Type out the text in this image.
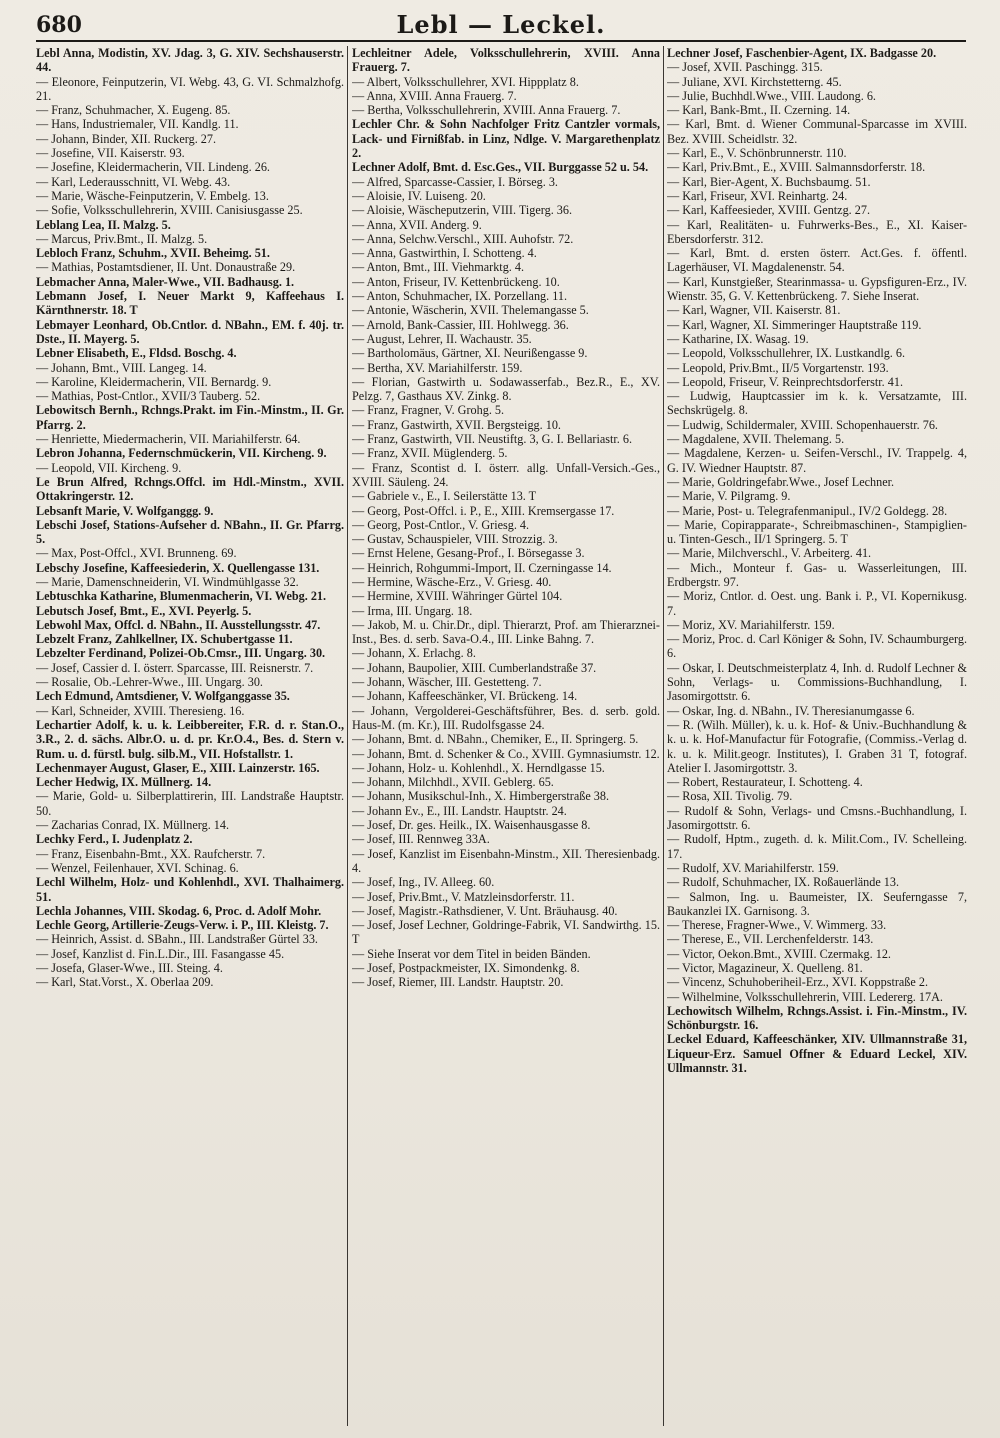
680	Lebl — Leckel.

Lebl Anna, Modistin, XV. Jdag. 3, G. XIV. Sechshauserstr. 44.

— Eleonore, Feinputzerin, VI. Webg. 43, G. VI. Schmalzhofg. 21.

— Franz, Schuhmacher, X. Eugeng. 85.

— Hans, Industriemaler, VII. Kandlg. 11.

— Johann, Binder, XII. Ruckerg. 27.

— Josefine, VII. Kaiserstr. 93.

— Josefine, Kleidermacherin, VII. Lindeng. 26.

— Karl, Lederausschnitt, VI. Webg. 43.

— Marie, Wäsche-Feinputzerin, V. Embelg. 13.

— Sofie, Volksschullehrerin, XVIII. Canisiusgasse 25.

Leblang Lea, II. Malzg. 5.

— Marcus, Priv.Bmt., II. Malzg. 5.

Lebloch Franz, Schuhm., XVII. Beheimg. 51.

— Mathias, Postamtsdiener, II. Unt. Donaustraße 29.

Lebmacher Anna, Maler-Wwe., VII. Badhausg. 1.

Lebmann Josef, I. Neuer Markt 9, Kaffeehaus I. Kärnthnerstr. 18. T

Lebmayer Leonhard, Ob.Cntlor. d. NBahn., EM. f. 40j. tr. Dste., II. Mayerg. 5.

Lebner Elisabeth, E., Fldsd. Boschg. 4.

— Johann, Bmt., VIII. Langeg. 14.

— Karoline, Kleidermacherin, VII. Bernardg. 9.

— Mathias, Post-Cntlor., XVII/3 Tauberg. 52.

Lebowitsch Bernh., Rchngs.Prakt. im Fin.-Minstm., II. Gr. Pfarrg. 2.

— Henriette, Miedermacherin, VII. Mariahilferstr. 64.

Lebron Johanna, Federnschmückerin, VII. Kircheng. 9.

— Leopold, VII. Kircheng. 9.

Le Brun Alfred, Rchngs.Offcl. im Hdl.-Minstm., XVII. Ottakringerstr. 12.

Lebsanft Marie, V. Wolfganggg. 9.

Lebschi Josef, Stations-Aufseher d. NBahn., II. Gr. Pfarrg. 5.

— Max, Post-Offcl., XVI. Brunneng. 69.

Lebschy Josefine, Kaffeesiederin, X. Quellengasse 131.

— Marie, Damenschneiderin, VI. Windmühlgasse 32.

Lebtuschka Katharine, Blumenmacherin, VI. Webg. 21.

Lebutsch Josef, Bmt., E., XVI. Peyerlg. 5.

Lebwohl Max, Offcl. d. NBahn., II. Ausstellungsstr. 47.

Lebzelt Franz, Zahlkellner, IX. Schubertgasse 11.

Lebzelter Ferdinand, Polizei-Ob.Cmsr., III. Ungarg. 30.

— Josef, Cassier d. I. österr. Sparcasse, III. Reisnerstr. 7.

— Rosalie, Ob.-Lehrer-Wwe., III. Ungarg. 30.

Lech Edmund, Amtsdiener, V. Wolfganggasse 35.

— Karl, Schneider, XVIII. Theresieng. 16.

Lechartier Adolf, k. u. k. Leibbereiter, F.R. d. r. Stan.O., 3.R., 2. d. sächs. Albr.O. u. d. pr. Kr.O.4., Bes. d. Stern v. Rum. u. d. fürstl. bulg. silb.M., VII. Hofstallstr. 1.

Lechenmayer August, Glaser, E., XIII. Lainzerstr. 165.

Lecher Hedwig, IX. Müllnerg. 14.

— Marie, Gold- u. Silberplattirerin, III. Landstraße Hauptstr. 50.

— Zacharias Conrad, IX. Müllnerg. 14.

Lechky Ferd., I. Judenplatz 2.

— Franz, Eisenbahn-Bmt., XX. Raufcherstr. 7.

— Wenzel, Feilenhauer, XVI. Schinag. 6.

Lechl Wilhelm, Holz- und Kohlenhdl., XVI. Thalhaimerg. 51.

Lechla Johannes, VIII. Skodag. 6, Proc. d. Adolf Mohr.

Lechle Georg, Artillerie-Zeugs-Verw. i. P., III. Kleistg. 7.

— Heinrich, Assist. d. SBahn., III. Landstraßer Gürtel 33.

— Josef, Kanzlist d. Fin.L.Dir., III. Fasangasse 45.

— Josefa, Glaser-Wwe., III. Steing. 4.

— Karl, Stat.Vorst., X. Oberlaa 209.

Lechleitner Adele, Volksschullehrerin, XVIII. Anna Frauerg. 7.

— Albert, Volksschullehrer, XVI. Hippplatz 8.

— Anna, XVIII. Anna Frauerg. 7.

— Bertha, Volksschullehrerin, XVIII. Anna Frauerg. 7.

Lechler Chr. & Sohn Nachfolger Fritz Cantzler vormals, Lack- und Firnißfab. in Linz, Ndlge. V. Margarethenplatz 2.

Lechner Adolf, Bmt. d. Esc.Ges., VII. Burggasse 52 u. 54.

— Alfred, Sparcasse-Cassier, I. Börseg. 3.

— Aloisie, IV. Luiseng. 20.

— Aloisie, Wäscheputzerin, VIII. Tigerg. 36.

— Anna, XVII. Anderg. 9.

— Anna, Selchw.Verschl., XIII. Auhofstr. 72.

— Anna, Gastwirthin, I. Schotteng. 4.

— Anton, Bmt., III. Viehmarktg. 4.

— Anton, Friseur, IV. Kettenbrückeng. 10.

— Anton, Schuhmacher, IX. Porzellang. 11.

— Antonie, Wäscherin, XVII. Thelemangasse 5.

— Arnold, Bank-Cassier, III. Hohlwegg. 36.

— August, Lehrer, II. Wachaustr. 35.

— Bartholomäus, Gärtner, XI. Neurißengasse 9.

— Bertha, XV. Mariahilferstr. 159.

— Florian, Gastwirth u. Sodawasserfab., Bez.R., E., XV. Pelzg. 7, Gasthaus XV. Zinkg. 8.

— Franz, Fragner, V. Grohg. 5.

— Franz, Gastwirth, XVII. Bergsteigg. 10.

— Franz, Gastwirth, VII. Neustiftg. 3, G. I. Bellariastr. 6.

— Franz, XVII. Müglenderg. 5.

— Franz, Scontist d. I. österr. allg. Unfall-Versich.-Ges., XVIII. Säuleng. 24.

— Gabriele v., E., I. Seilerstätte 13. T

— Georg, Post-Offcl. i. P., E., XIII. Kremsergasse 17.

— Georg, Post-Cntlor., V. Griesg. 4.

— Gustav, Schauspieler, VIII. Strozzig. 3.

— Ernst Helene, Gesang-Prof., I. Börsegasse 3.

— Heinrich, Rohgummi-Import, II. Czerningasse 14.

— Hermine, Wäsche-Erz., V. Griesg. 40.

— Hermine, XVIII. Währinger Gürtel 104.

— Irma, III. Ungarg. 18.

— Jakob, M. u. Chir.Dr., dipl. Thierarzt, Prof. am Thierarznei-Inst., Bes. d. serb. Sava-O.4., III. Linke Bahng. 7.

— Johann, X. Erlachg. 8.

— Johann, Baupolier, XIII. Cumberlandstraße 37.

— Johann, Wäscher, III. Gestetteng. 7.

— Johann, Kaffeeschänker, VI. Brückeng. 14.

— Johann, Vergolderei-Geschäftsführer, Bes. d. serb. gold. Haus-M. (m. Kr.), III. Rudolfsgasse 24.

— Johann, Bmt. d. NBahn., Chemiker, E., II. Springerg. 5.

— Johann, Bmt. d. Schenker & Co., XVIII. Gymnasiumstr. 12.

— Johann, Holz- u. Kohlenhdl., X. Herndlgasse 15.

— Johann, Milchhdl., XVII. Geblerg. 65.

— Johann, Musikschul-Inh., X. Himbergerstraße 38.

— Johann Ev., E., III. Landstr. Hauptstr. 24.

— Josef, Dr. ges. Heilk., IX. Waisenhausgasse 8.

— Josef, III. Rennweg 33A.

— Josef, Kanzlist im Eisenbahn-Minstm., XII. Theresienbadg. 4.

— Josef, Ing., IV. Alleeg. 60.

— Josef, Priv.Bmt., V. Matzleinsdorferstr. 11.

— Josef, Magistr.-Rathsdiener, V. Unt. Bräuhausg. 40.

— Josef, Josef Lechner, Goldringe-Fabrik, VI. Sandwirthg. 15. T

— Siehe Inserat vor dem Titel in beiden Bänden.

— Josef, Postpackmeister, IX. Simondenkg. 8.

— Josef, Riemer, III. Landstr. Hauptstr. 20.

Lechner Josef, Faschenbier-Agent, IX. Badgasse 20.

— Josef, XVII. Paschingg. 315.

— Juliane, XVI. Kirchstetterng. 45.

— Julie, Buchhdl.Wwe., VIII. Laudong. 6.

— Karl, Bank-Bmt., II. Czerning. 14.

— Karl, Bmt. d. Wiener Communal-Sparcasse im XVIII. Bez. XVIII. Scheidlstr. 32.

— Karl, E., V. Schönbrunnerstr. 110.

— Karl, Priv.Bmt., E., XVIII. Salmannsdorferstr. 18.

— Karl, Bier-Agent, X. Buchsbaumg. 51.

— Karl, Friseur, XVI. Reinhartg. 24.

— Karl, Kaffeesieder, XVIII. Gentzg. 27.

— Karl, Realitäten- u. Fuhrwerks-Bes., E., XI. Kaiser-Ebersdorferstr. 312.

— Karl, Bmt. d. ersten österr. Act.Ges. f. öffentl. Lagerhäuser, VI. Magdalenenstr. 54.

— Karl, Kunstgießer, Stearinmassa- u. Gypsfiguren-Erz., IV. Wienstr. 35, G. V. Kettenbrückeng. 7. Siehe Inserat.

— Karl, Wagner, VII. Kaiserstr. 81.

— Karl, Wagner, XI. Simmeringer Hauptstraße 119.

— Katharine, IX. Wasag. 19.

— Leopold, Volksschullehrer, IX. Lustkandlg. 6.

— Leopold, Priv.Bmt., II/5 Vorgartenstr. 193.

— Leopold, Friseur, V. Reinprechtsdorferstr. 41.

— Ludwig, Hauptcassier im k. k. Versatzamte, III. Sechskrügelg. 8.

— Ludwig, Schildermaler, XVIII. Schopenhauerstr. 76.

— Magdalene, XVII. Thelemang. 5.

— Magdalene, Kerzen- u. Seifen-Verschl., IV. Trappelg. 4, G. IV. Wiedner Hauptstr. 87.

— Marie, Goldringefabr.Wwe., Josef Lechner.

— Marie, V. Pilgramg. 9.

— Marie, Post- u. Telegrafenmanipul., IV/2 Goldegg. 28.

— Marie, Copirapparate-, Schreibmaschinen-, Stampiglien- u. Tinten-Gesch., II/1 Springerg. 5. T

— Marie, Milchverschl., V. Arbeiterg. 41.

— Mich., Monteur f. Gas- u. Wasserleitungen, III. Erdbergstr. 97.

— Moriz, Cntlor. d. Oest. ung. Bank i. P., VI. Kopernikusg. 7.

— Moriz, XV. Mariahilferstr. 159.

— Moriz, Proc. d. Carl Königer & Sohn, IV. Schaumburgerg. 6.

— Oskar, I. Deutschmeisterplatz 4, Inh. d. Rudolf Lechner & Sohn, Verlags- u. Commissions-Buchhandlung, I. Jasomirgottstr. 6.

— Oskar, Ing. d. NBahn., IV. Theresianumgasse 6.

— R. (Wilh. Müller), k. u. k. Hof- & Univ.-Buchhandlung & k. u. k. Hof-Manufactur für Fotografie, (Commiss.-Verlag d. k. u. k. Milit.geogr. Institutes), I. Graben 31 T, fotograf. Atelier I. Jasomirgottstr. 3.

— Robert, Restaurateur, I. Schotteng. 4.

— Rosa, XII. Tivolig. 79.

— Rudolf & Sohn, Verlags- und Cmsns.-Buchhandlung, I. Jasomirgottstr. 6.

— Rudolf, Hptm., zugeth. d. k. Milit.Com., IV. Schelleing. 17.

— Rudolf, XV. Mariahilferstr. 159.

— Rudolf, Schuhmacher, IX. Roßauerlände 13.

— Salmon, Ing. u. Baumeister, IX. Seuferngasse 7, Baukanzlei IX. Garnisong. 3.

— Therese, Fragner-Wwe., V. Wimmerg. 33.

— Therese, E., VII. Lerchenfelderstr. 143.

— Victor, Oekon.Bmt., XVIII. Czermakg. 12.

— Victor, Magazineur, X. Quelleng. 81.

— Vincenz, Schuhoberiheil-Erz., XVI. Koppstraße 2.

— Wilhelmine, Volksschullehrerin, VIII. Ledererg. 17A.

Lechowitsch Wilhelm, Rchngs.Assist. i. Fin.-Minstm., IV. Schönburgstr. 16.

Leckel Eduard, Kaffeeschänker, XIV. Ullmannstraße 31, Liqueur-Erz. Samuel Offner & Eduard Leckel, XIV. Ullmannstr. 31.
